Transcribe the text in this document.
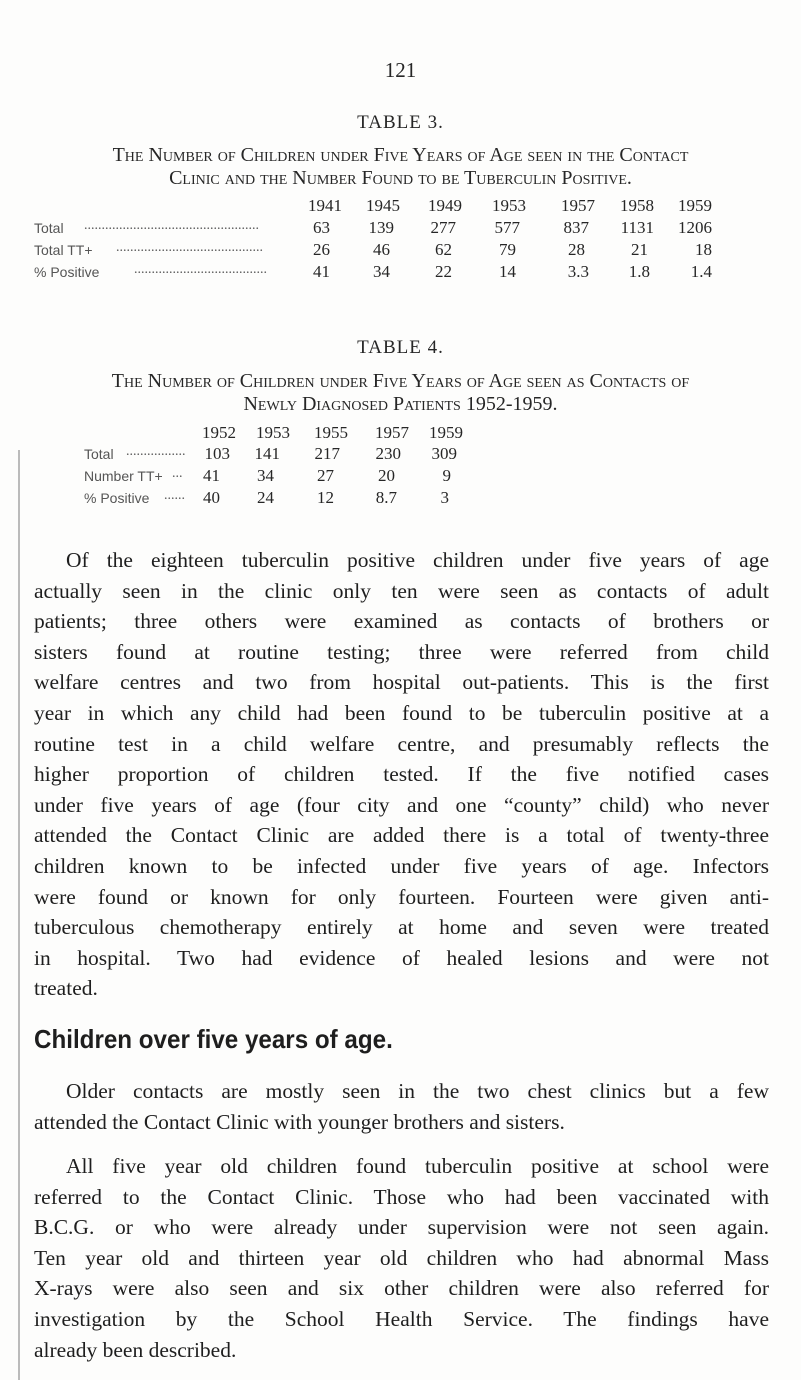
121
TABLE 3.
The Number of Children under Five Years of Age seen in the Contact
Clinic and the Number Found to be Tuberculin Positive.
1941	1945	1949	1953	1957	1958	1959
Total ..................................................	63	139	277	577	837	1131	1206
Total TT+ ..........................................	26	46	62	79	28	21	18
% Positive ......................................	41	34	22	14	3.3	1.8	1.4
TABLE 4.
The Number of Children under Five Years of Age seen as Contacts of
Newly Diagnosed Patients 1952-1959.
1952	1953	1955	1957	1959
Total .................	103	141	217	230	309
Number TT+ ...	41	34	27	20	9
% Positive ......	40	24	12	8.7	3
Of the eighteen tuberculin positive children under five years of age
actually seen in the clinic only ten were seen as contacts of adult
patients; three others were examined as contacts of brothers or
sisters found at routine testing; three were referred from child
welfare centres and two from hospital out-patients. This is the first
year in which any child had been found to be tuberculin positive at a
routine test in a child welfare centre, and presumably reflects the
higher proportion of children tested. If the five notified cases
under five years of age (four city and one “county” child) who never
attended the Contact Clinic are added there is a total of twenty-three
children known to be infected under five years of age. Infectors
were found or known for only fourteen. Fourteen were given anti-
tuberculous chemotherapy entirely at home and seven were treated
in hospital. Two had evidence of healed lesions and were not
treated.
Children over five years of age.
Older contacts are mostly seen in the two chest clinics but a few
attended the Contact Clinic with younger brothers and sisters.
All five year old children found tuberculin positive at school were
referred to the Contact Clinic. Those who had been vaccinated with
B.C.G. or who were already under supervision were not seen again.
Ten year old and thirteen year old children who had abnormal Mass
X-rays were also seen and six other children were also referred for
investigation by the School Health Service. The findings have
already been described.
